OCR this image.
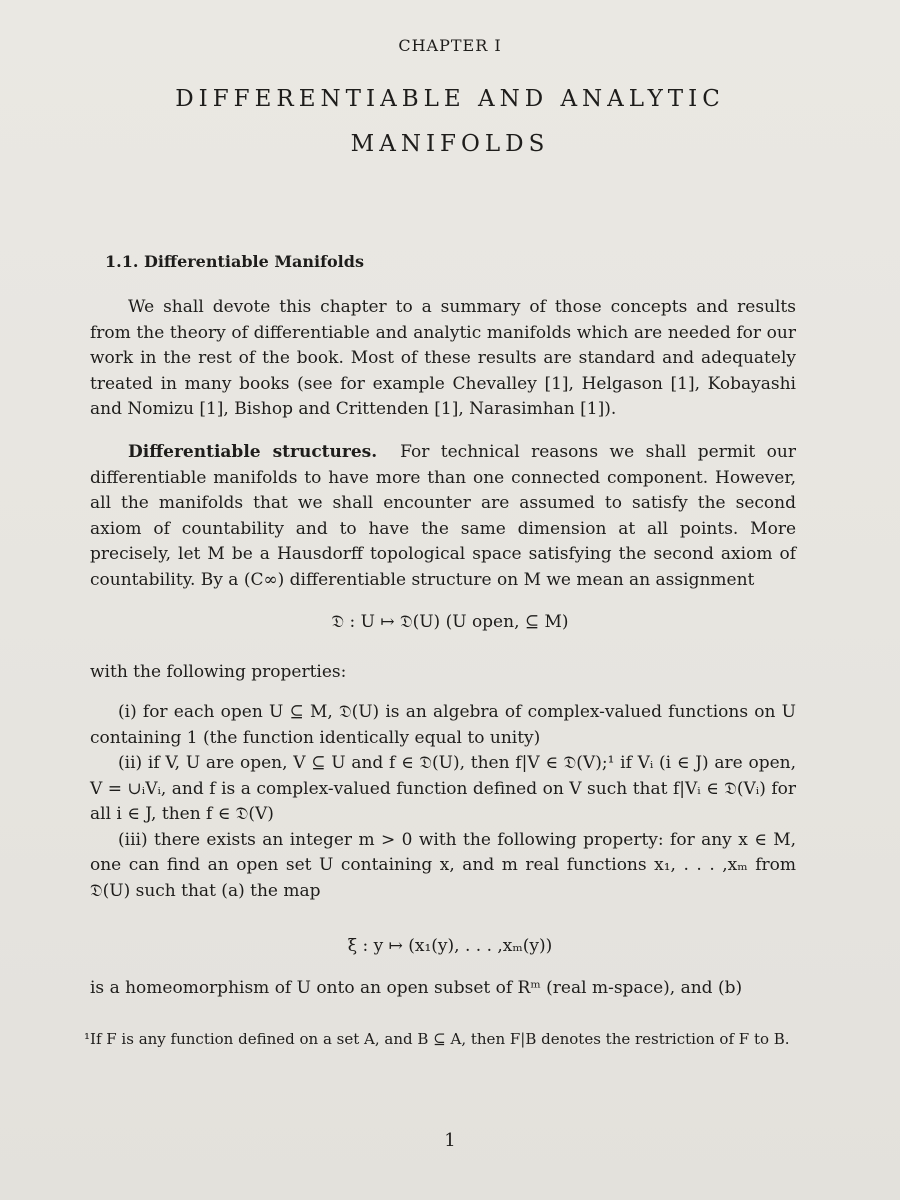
CHAPTER I
DIFFERENTIABLE AND ANALYTIC
MANIFOLDS
1.1. Differentiable Manifolds

We shall devote this chapter to a summary of those concepts and results from the theory of differentiable and analytic manifolds which are needed for our work in the rest of the book. Most of these results are standard and adequately treated in many books (see for example Chevalley [1], Helgason [1], Kobayashi and Nomizu [1], Bishop and Crittenden [1], Narasimhan [1]).

Differentiable structures. For technical reasons we shall permit our differentiable manifolds to have more than one connected component. However, all the manifolds that we shall encounter are assumed to satisfy the second axiom of countability and to have the same dimension at all points. More precisely, let M be a Hausdorff topological space satisfying the second axiom of countability. By a (C∞) differentiable structure on M we mean an assignment

𝔇 : U ↦ 𝔇(U) (U open, ⊆ M)

with the following properties:

(i) for each open U ⊆ M, 𝔇(U) is an algebra of complex-valued functions on U containing 1 (the function identically equal to unity)

(ii) if V, U are open, V ⊆ U and f ∈ 𝔇(U), then f|V ∈ 𝔇(V);¹ if Vᵢ (i ∈ J) are open, V = ∪ᵢVᵢ, and f is a complex-valued function defined on V such that f|Vᵢ ∈ 𝔇(Vᵢ) for all i ∈ J, then f ∈ 𝔇(V)

(iii) there exists an integer m > 0 with the following property: for any x ∈ M, one can find an open set U containing x, and m real functions x₁, . . . ,xₘ from 𝔇(U) such that (a) the map

ξ : y ↦ (x₁(y), . . . ,xₘ(y))

is a homeomorphism of U onto an open subset of Rᵐ (real m-space), and (b)

¹If F is any function defined on a set A, and B ⊆ A, then F|B denotes the restriction of F to B.

1
